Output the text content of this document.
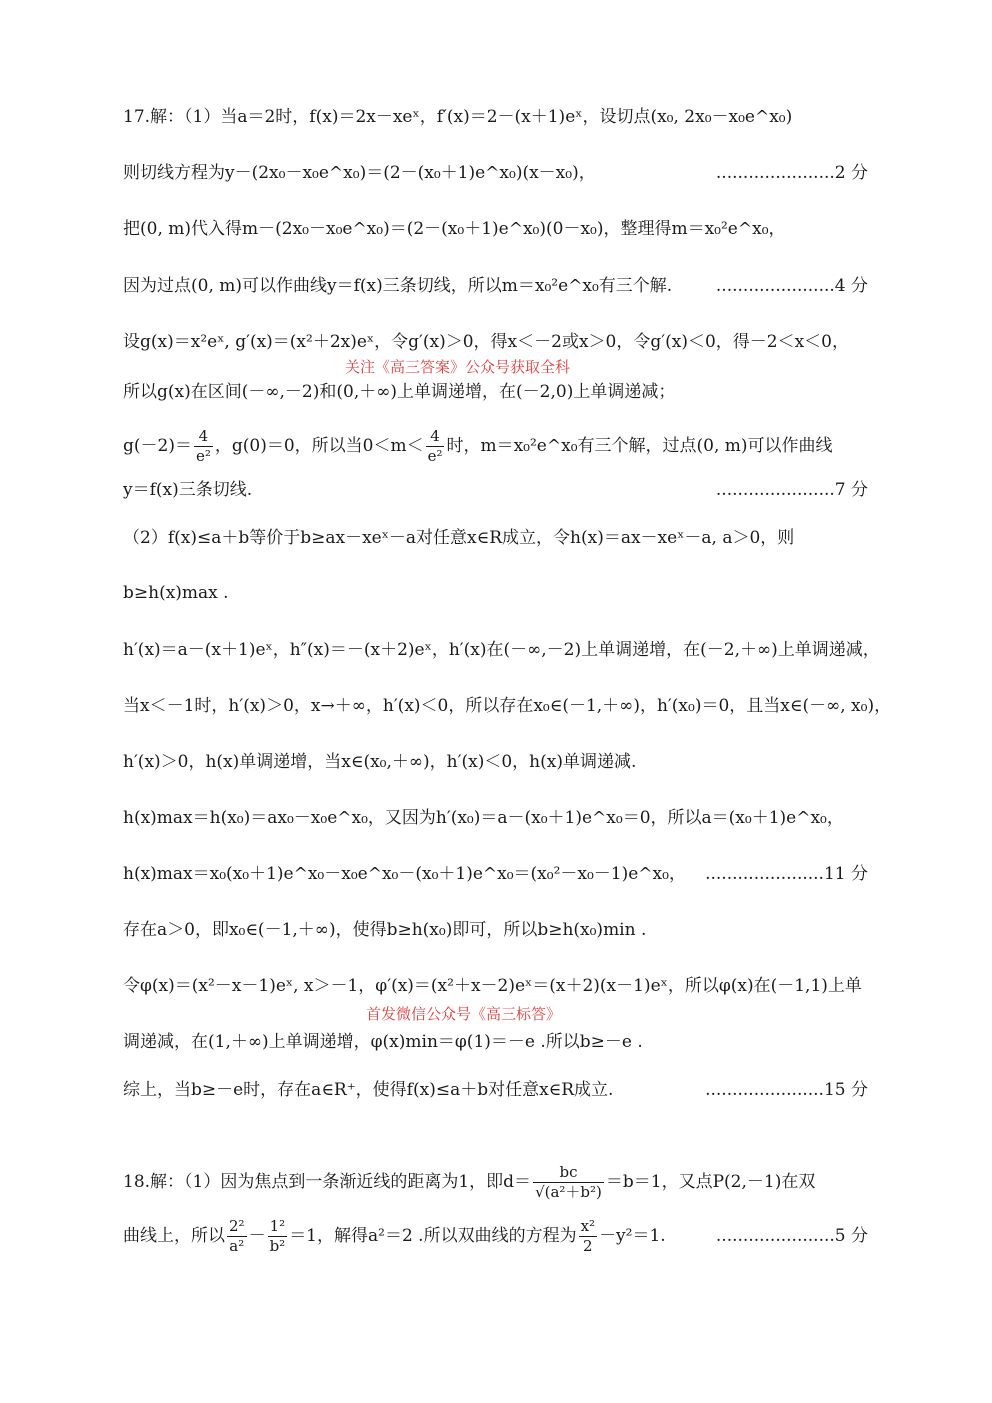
17.解：（1）当a＝2时，f(x)＝2x－xeˣ，f′(x)＝2－(x＋1)eˣ，设切点(x₀, 2x₀－x₀e^x₀)
则切线方程为y－(2x₀－x₀e^x₀)＝(2－(x₀＋1)e^x₀)(x－x₀)，	......................2 分
把(0, m)代入得m－(2x₀－x₀e^x₀)＝(2－(x₀＋1)e^x₀)(0－x₀)，整理得m＝x₀²e^x₀，
因为过点(0, m)可以作曲线y＝f(x)三条切线，所以m＝x₀²e^x₀有三个解.	......................4 分
设g(x)＝x²eˣ, g′(x)＝(x²＋2x)eˣ，令g′(x)＞0，得x＜－2或x＞0，令g′(x)＜0，得－2＜x＜0，
关注《高三答案》公众号获取全科
所以g(x)在区间(－∞,－2)和(0,＋∞)上单调递增，在(－2,0)上单调递减；
$g(-2)= \frac{4}{\text{e²}}$ ，g(0)＝0，所以当$0<m< \frac{4}{\text{e²}}$ 时，m＝x₀²e^x₀有三个解，过点(0, m)可以作曲线
y＝f(x)三条切线.	......................7 分
（2）f(x)≤a＋b等价于b≥ax－xeˣ－a对任意x∈R成立，令h(x)＝ax－xeˣ－a, a＞0，则
b≥h(x)max .
h′(x)＝a－(x＋1)eˣ，h″(x)＝－(x＋2)eˣ，h′(x)在(－∞,－2)上单调递增，在(－2,＋∞)上单调递减，
当x＜－1时，h′(x)＞0，x→＋∞，h′(x)＜0，所以存在x₀∈(－1,＋∞)，h′(x₀)＝0，且当x∈(－∞, x₀)，
h′(x)＞0，h(x)单调递增，当x∈(x₀,＋∞)，h′(x)＜0，h(x)单调递减.
h(x)max＝h(x₀)＝ax₀－x₀e^x₀，又因为h′(x₀)＝a－(x₀＋1)e^x₀＝0，所以a＝(x₀＋1)e^x₀，
h(x)max＝x₀(x₀＋1)e^x₀－x₀e^x₀－(x₀＋1)e^x₀＝(x₀²－x₀－1)e^x₀， ......................11 分
存在a＞0，即x₀∈(－1,＋∞)，使得b≥h(x₀)即可，所以b≥h(x₀)min .
令φ(x)＝(x²－x－1)eˣ, x＞－1，φ′(x)＝(x²＋x－2)eˣ＝(x＋2)(x－1)eˣ，所以φ(x)在(－1,1)上单
首发微信公众号《高三标答》
调递减，在(1,＋∞)上单调递增，φ(x)min＝φ(1)＝－e .所以b≥－e .
综上，当b≥－e时，存在a∈R⁺，使得f(x)≤a＋b对任意x∈R成立.	......................15 分
18.解：（1）因为焦点到一条渐近线的距离为1，即$d= \frac{bc}{\text{√(a²＋b²)}} =b=1$，又点P(2,－1)在双
曲线上，所以 $\frac{\text{2²}}{\text{a²}} - \frac{\text{1²}}{\text{b²}} =1$，解得a²＝2 .所以双曲线的方程为 $\frac{\text{x²}}{2} -y^2=1$.	......................5 分
